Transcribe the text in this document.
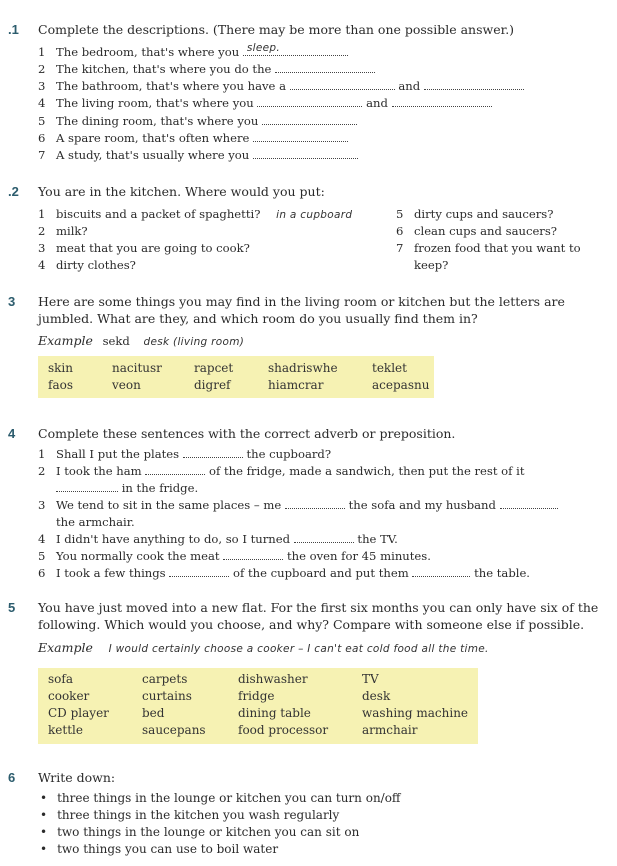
.1	Complete the descriptions. (There may be more than one possible answer.)
1 The bedroom, that's where you sleep.
2 The kitchen, that's where you do the
3 The bathroom, that's where you have a	and
4 The living room, that's where you	and
5 The dining room, that's where you
6 A spare room, that's often where
7 A study, that's usually where you
.2	You are in the kitchen. Where would you put:
1 biscuits and a packet of spaghetti? in a cupboard
2 milk?
3 meat that you are going to cook?
4 dirty clothes?
5 dirty cups and saucers?
6 clean cups and saucers?
7 frozen food that you want to
keep?
3	Here are some things you may find in the living room or kitchen but the letters are
jumbled. What are they, and which room do you usually find them in?
Example sekd desk (living room)
skin	nacitusr	rapcet	shadriswhe	teklet
faos	veon	digref	hiamcrar	acepasnu
4	Complete these sentences with the correct adverb or preposition.
1 Shall I put the plates	the cupboard?
2 I took the ham	of the fridge, made a sandwich, then put the rest of it
in the fridge.
3 We tend to sit in the same places – me	the sofa and my husband
the armchair.
4 I didn't have anything to do, so I turned	the TV.
5 You normally cook the meat	the oven for 45 minutes.
6 I took a few things	of the cupboard and put them	the table.
5	You have just moved into a new flat. For the first six months you can only have six of the
following. Which would you choose, and why? Compare with someone else if possible.
Example I would certainly choose a cooker – I can't eat cold food all the time.
sofa	carpets	dishwasher	TV
cooker	curtains	fridge	desk
CD player	bed	dining table	washing machine
kettle	saucepans	food processor	armchair
6	Write down:
• three things in the lounge or kitchen you can turn on/off
• three things in the kitchen you wash regularly
• two things in the lounge or kitchen you can sit on
• two things you can use to boil water
